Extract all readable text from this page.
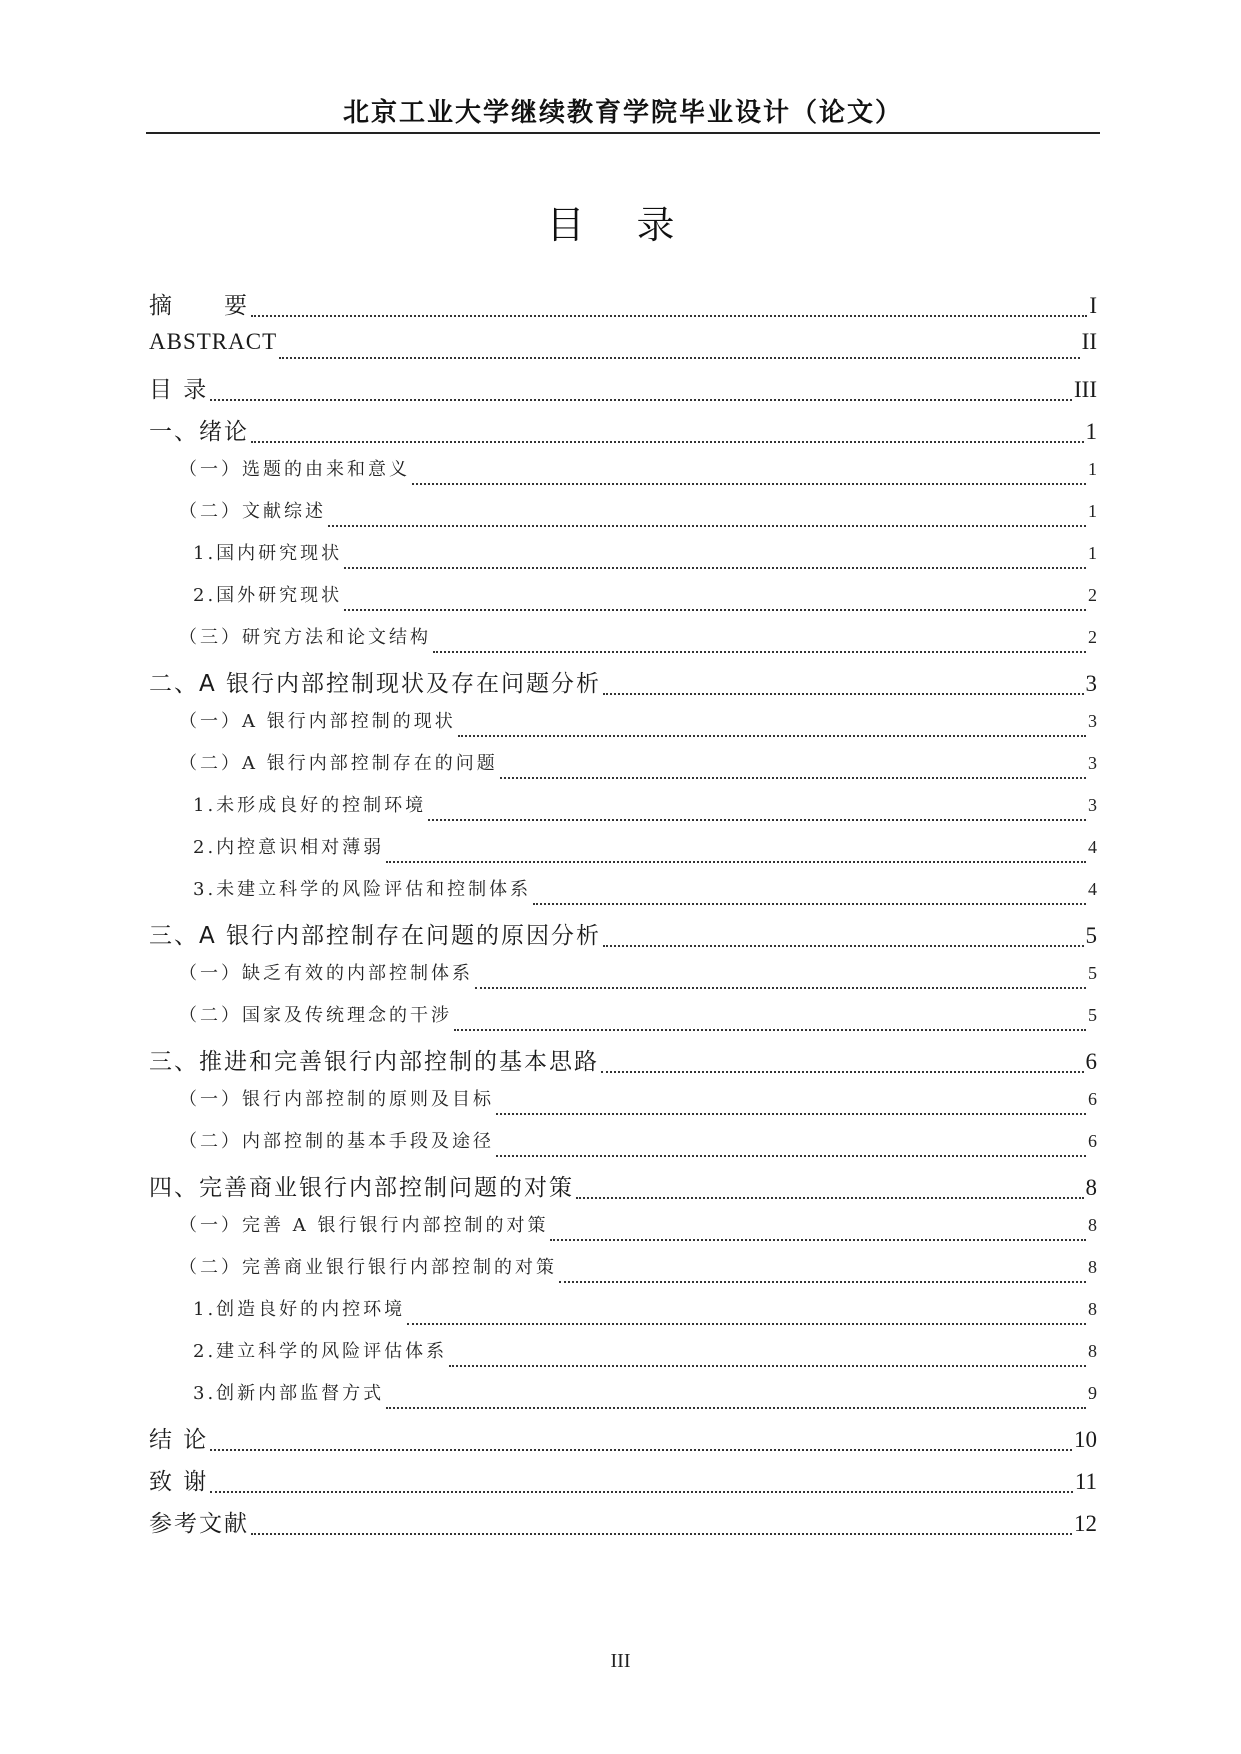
北京工业大学继续教育学院毕业设计（论文）
目 录
摘　　要	I
ABSTRACT	II
目 录	III
一、绪论	1
（一）选题的由来和意义	1
（二）文献综述	1
1.国内研究现状	1
2.国外研究现状	2
（三）研究方法和论文结构	2
二、A 银行内部控制现状及存在问题分析	3
（一）A 银行内部控制的现状	3
（二）A 银行内部控制存在的问题	3
1.未形成良好的控制环境	3
2.内控意识相对薄弱	4
3.未建立科学的风险评估和控制体系	4
三、A 银行内部控制存在问题的原因分析	5
（一）缺乏有效的内部控制体系	5
（二）国家及传统理念的干涉	5
三、推进和完善银行内部控制的基本思路	6
（一）银行内部控制的原则及目标	6
（二）内部控制的基本手段及途径	6
四、完善商业银行内部控制问题的对策	8
（一）完善 A 银行银行内部控制的对策	8
（二）完善商业银行银行内部控制的对策	8
1.创造良好的内控环境	8
2.建立科学的风险评估体系	8
3.创新内部监督方式	9
结 论	10
致 谢	11
参考文献	12
III
